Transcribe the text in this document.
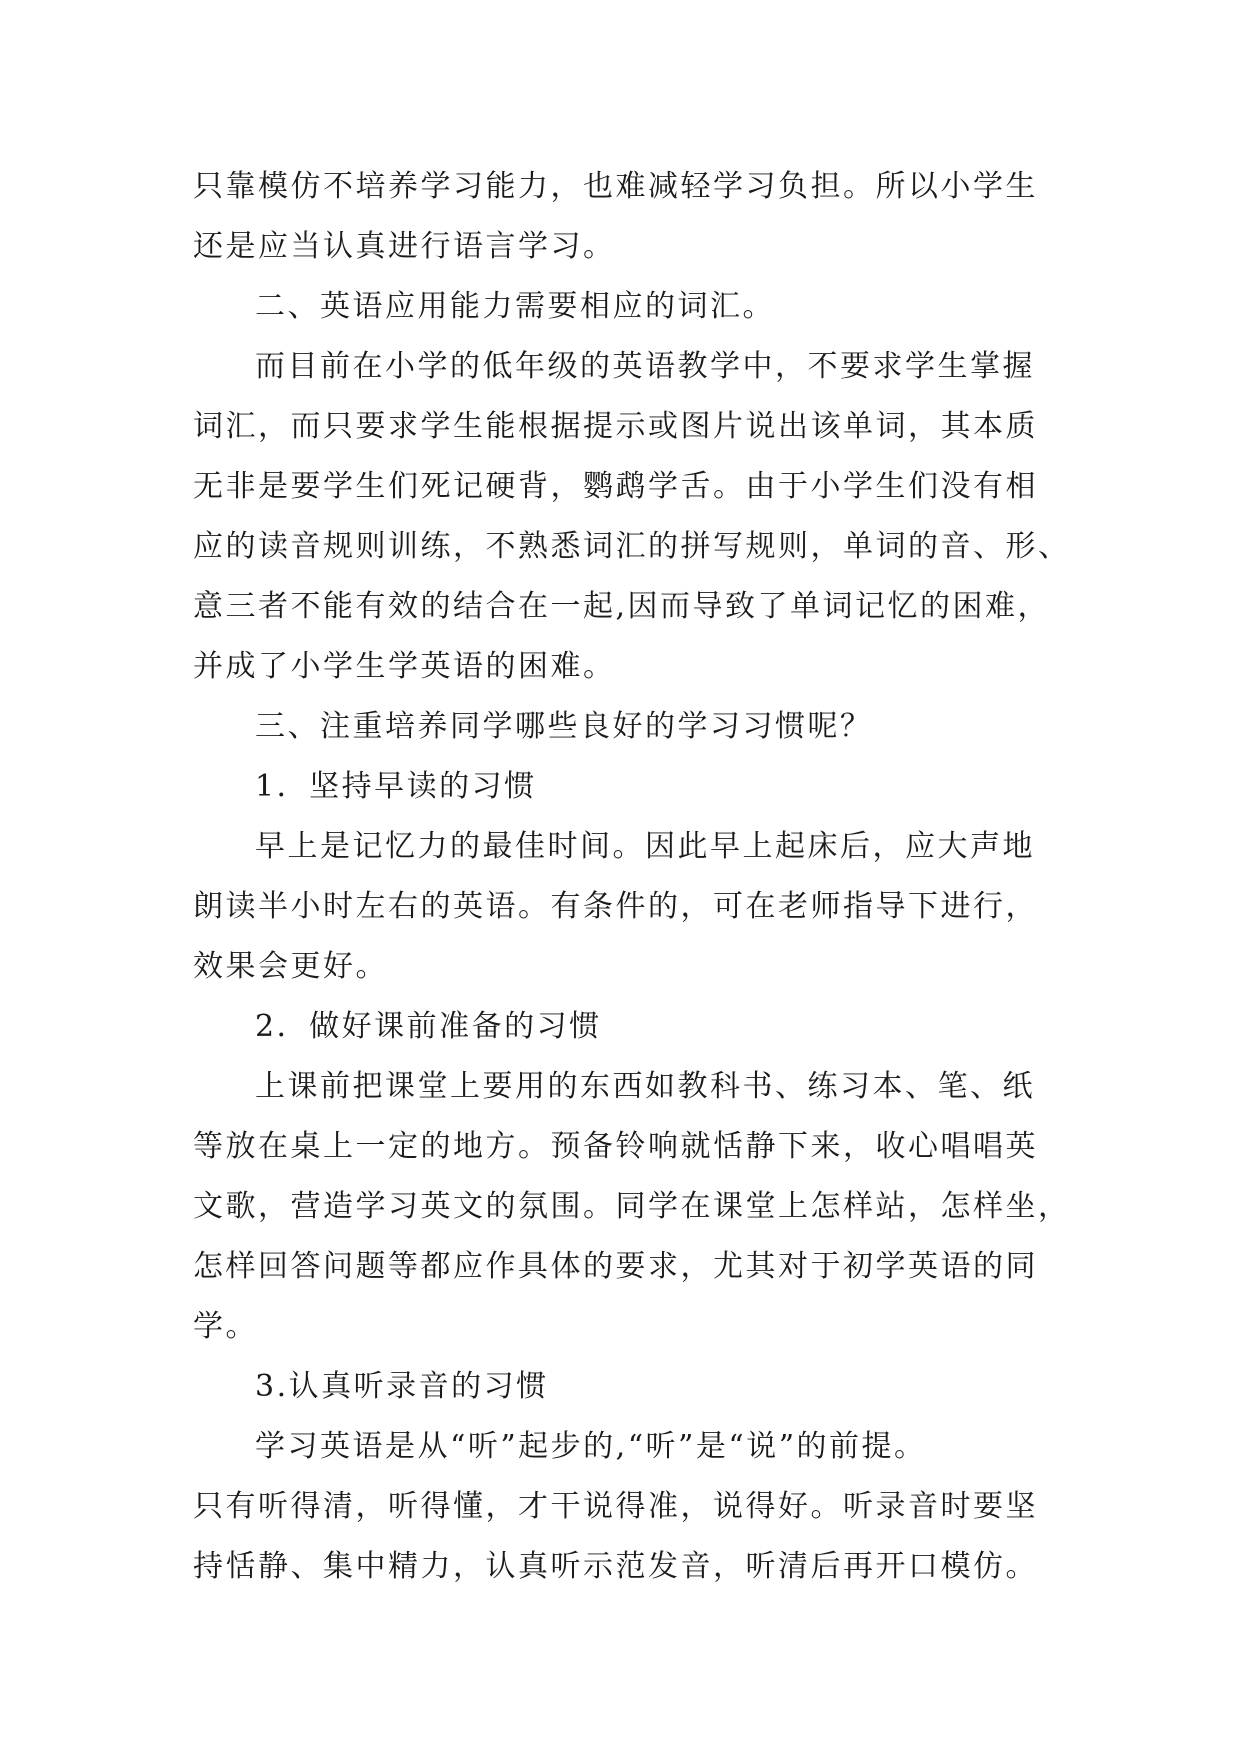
只靠模仿不培养学习能力，也难减轻学习负担。所以小学生
还是应当认真进行语言学习。
二、英语应用能力需要相应的词汇。
而目前在小学的低年级的英语教学中，不要求学生掌握
词汇，而只要求学生能根据提示或图片说出该单词，其本质
无非是要学生们死记硬背，鹦鹉学舌。由于小学生们没有相
应的读音规则训练，不熟悉词汇的拼写规则，单词的音、形、
意三者不能有效的结合在一起,因而导致了单词记忆的困难，
并成了小学生学英语的困难。
三、注重培养同学哪些良好的学习习惯呢？
1．坚持早读的习惯
早上是记忆力的最佳时间。因此早上起床后，应大声地
朗读半小时左右的英语。有条件的，可在老师指导下进行，
效果会更好。
2．做好课前准备的习惯
上课前把课堂上要用的东西如教科书、练习本、笔、纸
等放在桌上一定的地方。预备铃响就恬静下来，收心唱唱英
文歌，营造学习英文的氛围。同学在课堂上怎样站，怎样坐，
怎样回答问题等都应作具体的要求，尤其对于初学英语的同
学。
3.认真听录音的习惯
学习英语是从“听”起步的,“听”是“说”的前提。
只有听得清，听得懂，才干说得准，说得好。听录音时要坚
持恬静、集中精力，认真听示范发音，听清后再开口模仿。
